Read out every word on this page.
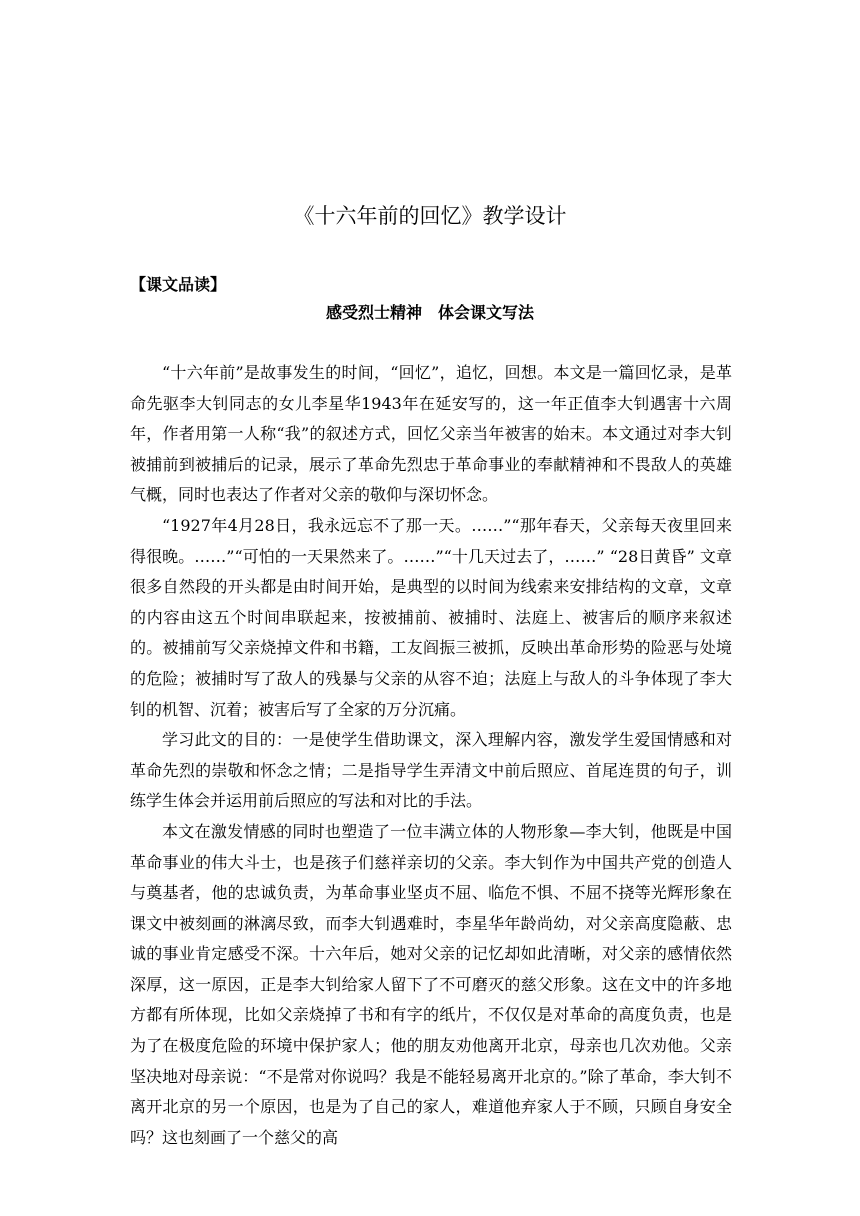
《十六年前的回忆》教学设计
【课文品读】
感受烈士精神　体会课文写法

“十六年前”是故事发生的时间，“回忆”，追忆，回想。本文是一篇回忆录，是革命先驱李大钊同志的女儿李星华1943年在延安写的，这一年正值李大钊遇害十六周年，作者用第一人称“我”的叙述方式，回忆父亲当年被害的始末。本文通过对李大钊被捕前到被捕后的记录，展示了革命先烈忠于革命事业的奉献精神和不畏敌人的英雄气概，同时也表达了作者对父亲的敬仰与深切怀念。

“1927年4月28日，我永远忘不了那一天。……”“那年春天，父亲每天夜里回来得很晚。……”“可怕的一天果然来了。……”“十几天过去了，……” “28日黄昏” 文章很多自然段的开头都是由时间开始，是典型的以时间为线索来安排结构的文章，文章的内容由这五个时间串联起来，按被捕前、被捕时、法庭上、被害后的顺序来叙述的。被捕前写父亲烧掉文件和书籍，工友阎振三被抓，反映出革命形势的险恶与处境的危险；被捕时写了敌人的残暴与父亲的从容不迫；法庭上与敌人的斗争体现了李大钊的机智、沉着；被害后写了全家的万分沉痛。

学习此文的目的：一是使学生借助课文，深入理解内容，激发学生爱国情感和对革命先烈的崇敬和怀念之情；二是指导学生弄清文中前后照应、首尾连贯的句子，训练学生体会并运用前后照应的写法和对比的手法。

本文在激发情感的同时也塑造了一位丰满立体的人物形象—李大钊，他既是中国革命事业的伟大斗士，也是孩子们慈祥亲切的父亲。李大钊作为中国共产党的创造人与奠基者，他的忠诚负责，为革命事业坚贞不屈、临危不惧、不屈不挠等光辉形象在课文中被刻画的淋漓尽致，而李大钊遇难时，李星华年龄尚幼，对父亲高度隐蔽、忠诚的事业肯定感受不深。十六年后，她对父亲的记忆却如此清晰，对父亲的感情依然深厚，这一原因，正是李大钊给家人留下了不可磨灭的慈父形象。这在文中的许多地方都有所体现，比如父亲烧掉了书和有字的纸片，不仅仅是对革命的高度负责，也是为了在极度危险的环境中保护家人；他的朋友劝他离开北京，母亲也几次劝他。父亲坚决地对母亲说：“不是常对你说吗？我是不能轻易离开北京的。”除了革命，李大钊不离开北京的另一个原因，也是为了自己的家人，难道他弃家人于不顾，只顾自身安全吗？这也刻画了一个慈父的高
